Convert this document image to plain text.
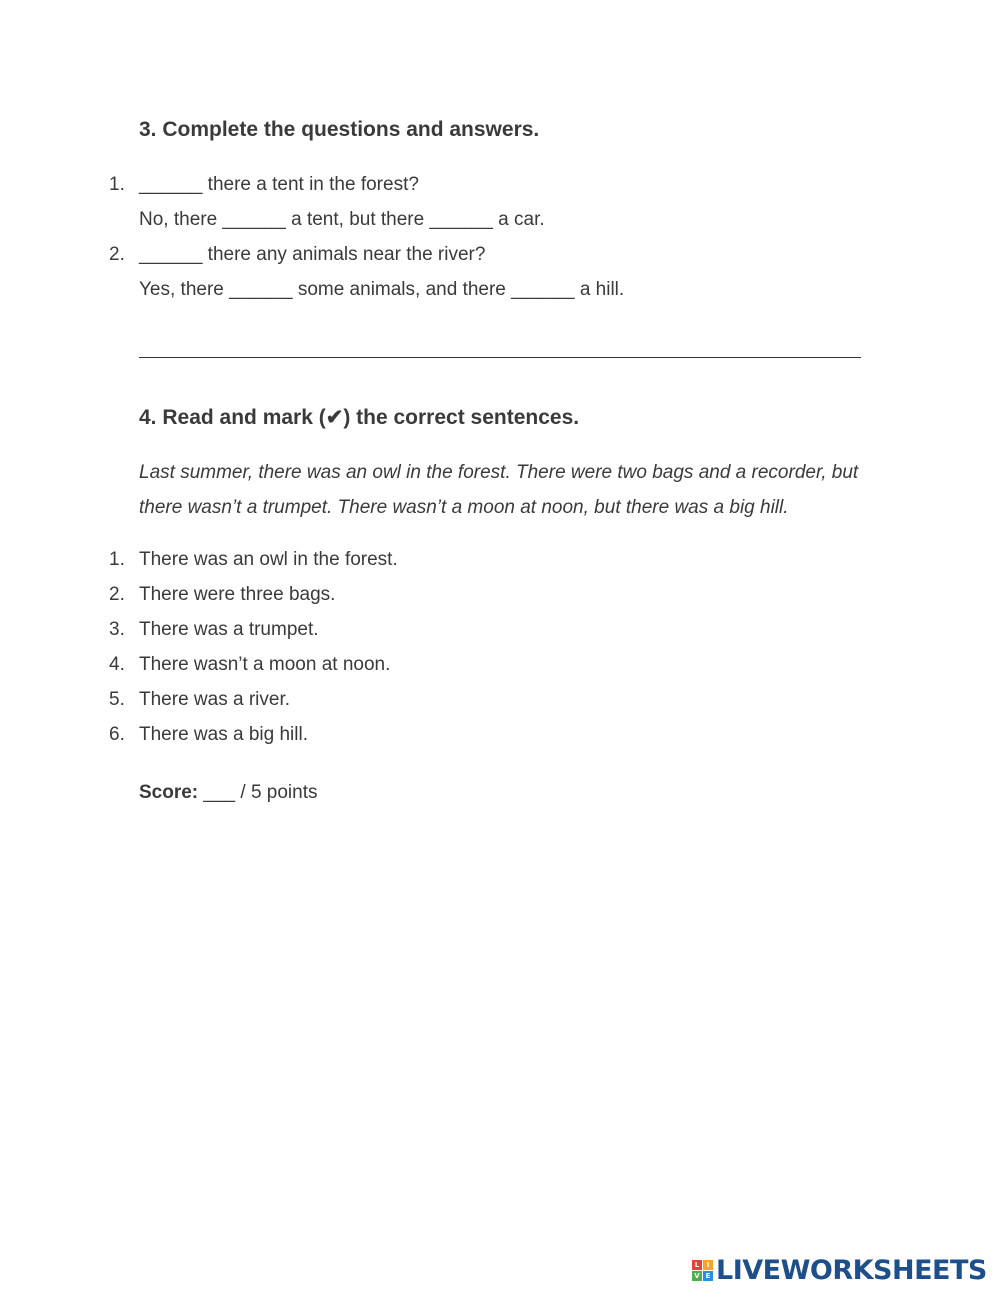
3. Complete the questions and answers.
1. ______ there a tent in the forest?
No, there ______ a tent, but there ______ a car.
2. ______ there any animals near the river?
Yes, there ______ some animals, and there ______ a hill.
4. Read and mark (✔) the correct sentences.
Last summer, there was an owl in the forest. There were two bags and a recorder, but
there wasn’t a trumpet. There wasn’t a moon at noon, but there was a big hill.
1. There was an owl in the forest.
2. There were three bags.
3. There was a trumpet.
4. There wasn’t a moon at noon.
5. There was a river.
6. There was a big hill.
Score: ___ / 5 points
L	I
V E LIVEWORKSHEETS
